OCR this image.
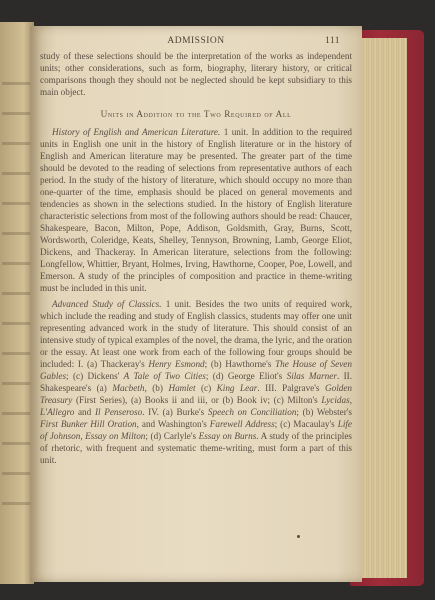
ADMISSION	111

study of these selections should be the interpretation of the works as independent units; other considerations, such as form, biography, literary history, or critical comparisons though they should not be neglected should be kept subsidiary to this main object.

Units in Addition to the Two Required of All

History of English and American Literature. 1 unit. In addition to the required units in English one unit in the history of English literature or in the history of English and American literature may be presented. The greater part of the time should be devoted to the reading of selections from representative authors of each period. In the study of the history of literature, which should occupy no more than one-quarter of the time, emphasis should be placed on general movements and tendencies as shown in the selections studied. In the history of English literature characteristic selections from most of the following authors should be read: Chaucer, Shakespeare, Bacon, Milton, Pope, Addison, Goldsmith, Gray, Burns, Scott, Wordsworth, Coleridge, Keats, Shelley, Tennyson, Browning, Lamb, George Eliot, Dickens, and Thackeray. In American literature, selections from the following: Longfellow, Whittier, Bryant, Holmes, Irving, Hawthorne, Cooper, Poe, Lowell, and Emerson. A study of the principles of composition and practice in theme-writing must be included in this unit.

Advanced Study of Classics. 1 unit. Besides the two units of required work, which include the reading and study of English classics, students may offer one unit representing advanced work in the study of literature. This should consist of an intensive study of typical examples of the novel, the drama, the lyric, and the oration or the essay. At least one work from each of the following four groups should be included: I. (a) Thackeray's Henry Esmond; (b) Hawthorne's The House of Seven Gables; (c) Dickens' A Tale of Two Cities; (d) George Eliot's Silas Marner. II. Shakespeare's (a) Macbeth, (b) Hamlet (c) King Lear. III. Palgrave's Golden Treasury (First Series), (a) Books ii and iii, or (b) Book iv; (c) Milton's Lycidas, L'Allegro and Il Penseroso. IV. (a) Burke's Speech on Conciliation; (b) Webster's First Bunker Hill Oration, and Washington's Farewell Address; (c) Macaulay's Life of Johnson, Essay on Milton; (d) Carlyle's Essay on Burns. A study of the principles of rhetoric, with frequent and systematic theme-writing, must form a part of this unit.
